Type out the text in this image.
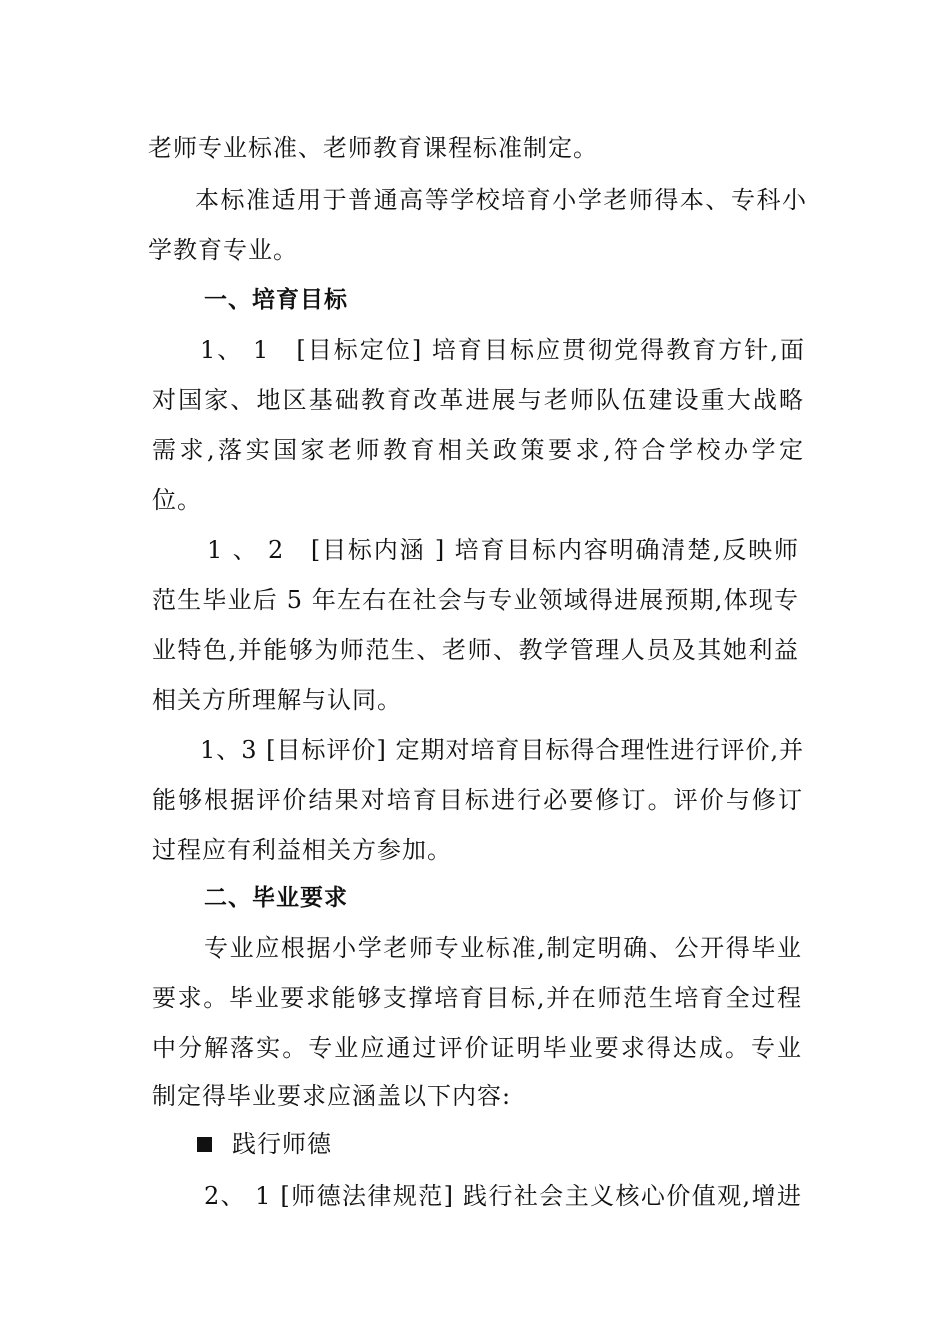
老师专业标准、老师教育课程标准制定。
本标准适用于普通高等学校培育小学老师得本、专科小
学教育专业。
一、培育目标
1、 1　[目标定位] 培育目标应贯彻党得教育方针,面
对国家、地区基础教育改革进展与老师队伍建设重大战略
需求,落实国家老师教育相关政策要求,符合学校办学定
位。
1 、 2　[目标内涵 ] 培育目标内容明确清楚,反映师
范生毕业后 5 年左右在社会与专业领域得进展预期,体现专
业特色,并能够为师范生、老师、教学管理人员及其她利益
相关方所理解与认同。
1、3 [目标评价] 定期对培育目标得合理性进行评价,并
能够根据评价结果对培育目标进行必要修订。评价与修订
过程应有利益相关方参加。
二、毕业要求
专业应根据小学老师专业标准,制定明确、公开得毕业
要求。毕业要求能够支撑培育目标,并在师范生培育全过程
中分解落实。专业应通过评价证明毕业要求得达成。专业
制定得毕业要求应涵盖以下内容:
践行师德
2、 1 [师德法律规范] 践行社会主义核心价值观,增进
